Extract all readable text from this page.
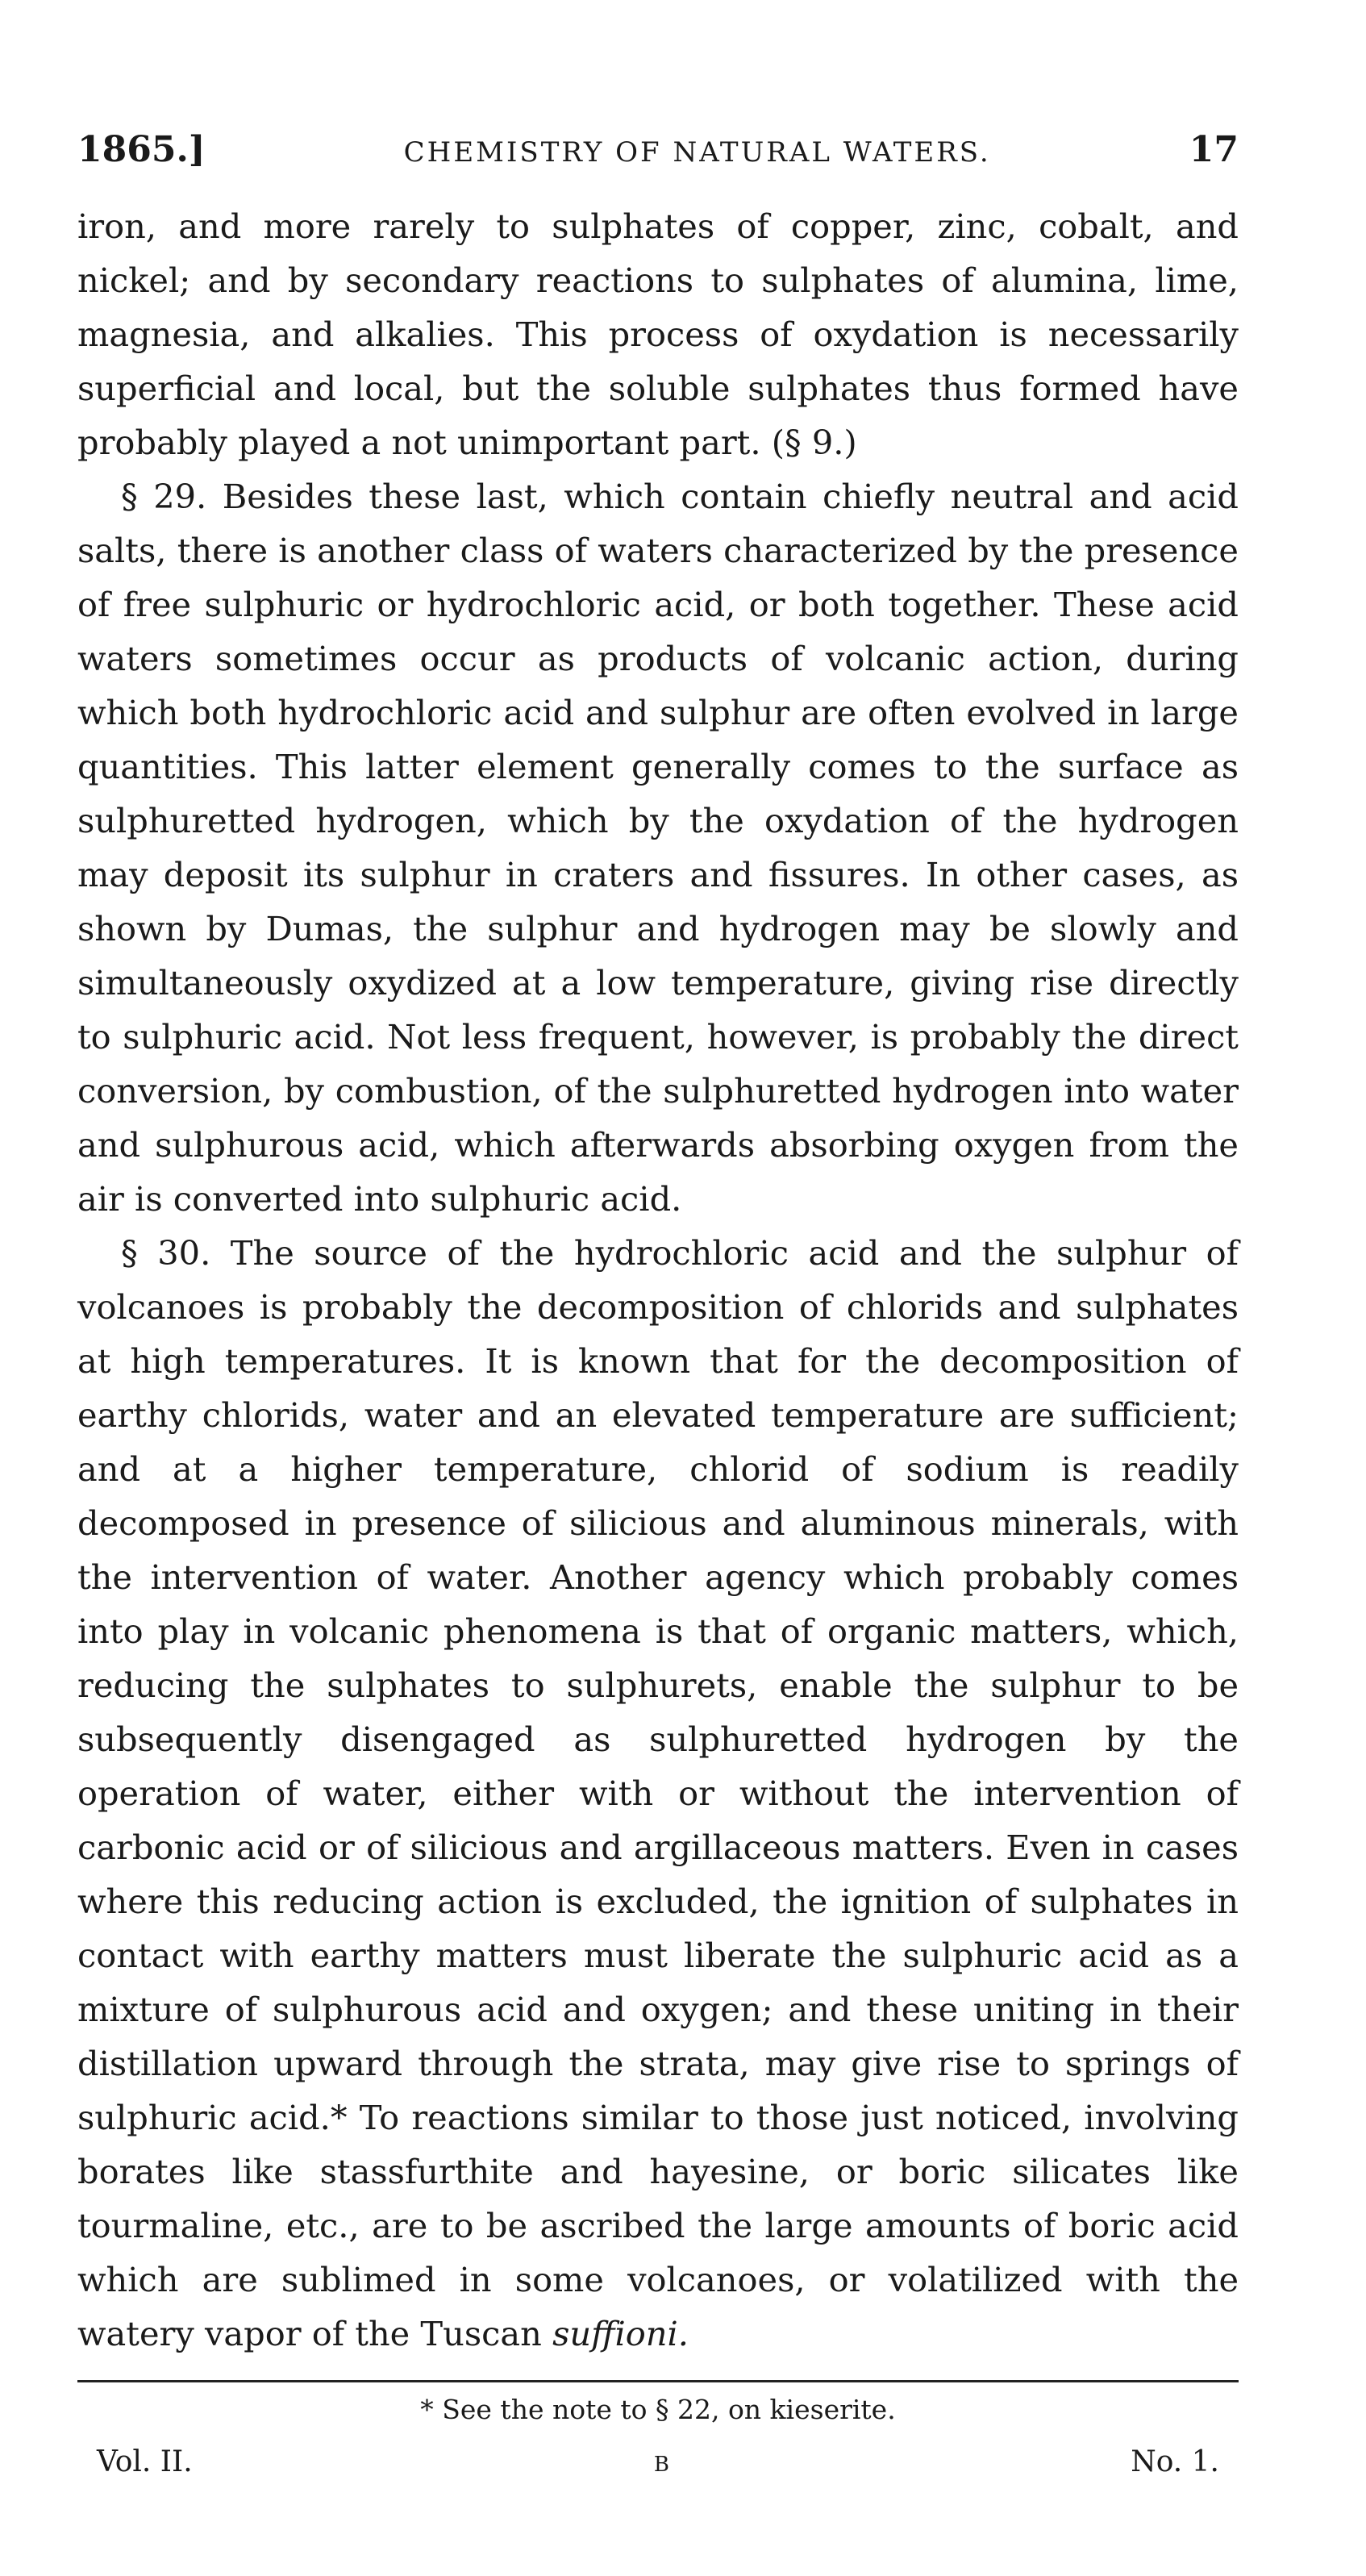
1865.]	CHEMISTRY OF NATURAL WATERS.	17

iron, and more rarely to sulphates of copper, zinc, cobalt, and nickel; and by secondary reactions to sulphates of alumina, lime, magnesia, and alkalies. This process of oxydation is necessarily superficial and local, but the soluble sulphates thus formed have probably played a not unimportant part. (§ 9.)

§ 29. Besides these last, which contain chiefly neutral and acid salts, there is another class of waters characterized by the presence of free sulphuric or hydrochloric acid, or both together. These acid waters sometimes occur as products of volcanic action, during which both hydrochloric acid and sulphur are often evolved in large quantities. This latter element generally comes to the surface as sulphuretted hydrogen, which by the oxydation of the hydrogen may deposit its sulphur in craters and fissures. In other cases, as shown by Dumas, the sulphur and hydrogen may be slowly and simultaneously oxydized at a low temperature, giving rise directly to sulphuric acid. Not less frequent, however, is probably the direct conversion, by combustion, of the sulphuretted hydrogen into water and sulphurous acid, which afterwards absorbing oxygen from the air is converted into sulphuric acid.

§ 30. The source of the hydrochloric acid and the sulphur of volcanoes is probably the decomposition of chlorids and sulphates at high temperatures. It is known that for the decomposition of earthy chlorids, water and an elevated temperature are sufficient; and at a higher temperature, chlorid of sodium is readily decomposed in presence of silicious and aluminous minerals, with the intervention of water. Another agency which probably comes into play in volcanic phenomena is that of organic matters, which, reducing the sulphates to sulphurets, enable the sulphur to be subsequently disengaged as sulphuretted hydrogen by the operation of water, either with or without the intervention of carbonic acid or of silicious and argillaceous matters. Even in cases where this reducing action is excluded, the ignition of sulphates in contact with earthy matters must liberate the sulphuric acid as a mixture of sulphurous acid and oxygen; and these uniting in their distillation upward through the strata, may give rise to springs of sulphuric acid.* To reactions similar to those just noticed, involving borates like stassfurthite and hayesine, or boric silicates like tourmaline, etc., are to be ascribed the large amounts of boric acid which are sublimed in some volcanoes, or volatilized with the watery vapor of the Tuscan suffioni.

* See the note to § 22, on kieserite.
Vol. II.	B	No. 1.
